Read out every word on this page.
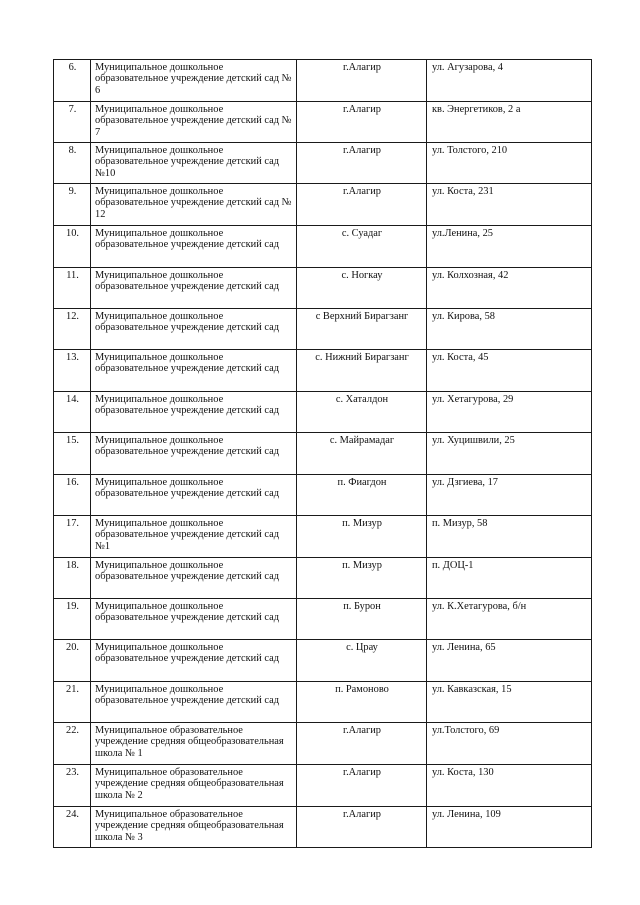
6.	Муниципальное дошкольное образовательное учреждение детский сад № 6	г.Алагир	ул. Агузарова, 4
7.	Муниципальное дошкольное образовательное учреждение детский сад № 7	г.Алагир	кв. Энергетиков, 2 а
8.	Муниципальное дошкольное образовательное учреждение детский сад №10	г.Алагир	ул. Толстого, 210
9.	Муниципальное дошкольное образовательное учреждение детский сад № 12	г.Алагир	ул. Коста, 231
10.	Муниципальное дошкольное образовательное учреждение детский сад	с. Суадаг	ул.Ленина, 25
11.	Муниципальное дошкольное образовательное учреждение детский сад	с. Ногкау	ул. Колхозная, 42
12.	Муниципальное дошкольное образовательное учреждение детский сад	с Верхний Бирагзанг	ул. Кирова, 58
13.	Муниципальное дошкольное образовательное учреждение детский сад	с. Нижний Бирагзанг	ул. Коста, 45
14.	Муниципальное дошкольное образовательное учреждение детский сад	с. Хаталдон	ул. Хетагурова, 29
15.	Муниципальное дошкольное образовательное учреждение детский сад	с. Майрамадаг	ул. Хуцишвили, 25
16.	Муниципальное дошкольное образовательное учреждение детский сад	п. Фиагдон	ул. Дзгиева, 17
17.	Муниципальное дошкольное образовательное учреждение детский сад №1	п. Мизур	п. Мизур, 58
18.	Муниципальное дошкольное образовательное учреждение детский сад	п. Мизур	п. ДОЦ-1
19.	Муниципальное дошкольное образовательное учреждение детский сад	п. Бурон	ул. К.Хетагурова, б/н
20.	Муниципальное дошкольное образовательное учреждение детский сад	с. Црау	ул. Ленина, 65
21.	Муниципальное дошкольное образовательное учреждение детский сад	п. Рамоново	ул. Кавказская, 15
22.	Муниципальное образовательное учреждение средняя общеобразовательная школа № 1	г.Алагир	ул.Толстого, 69
23.	Муниципальное образовательное учреждение средняя общеобразовательная школа № 2	г.Алагир	ул. Коста, 130
24.	Муниципальное образовательное учреждение средняя общеобразовательная школа № 3	г.Алагир	ул. Ленина, 109
